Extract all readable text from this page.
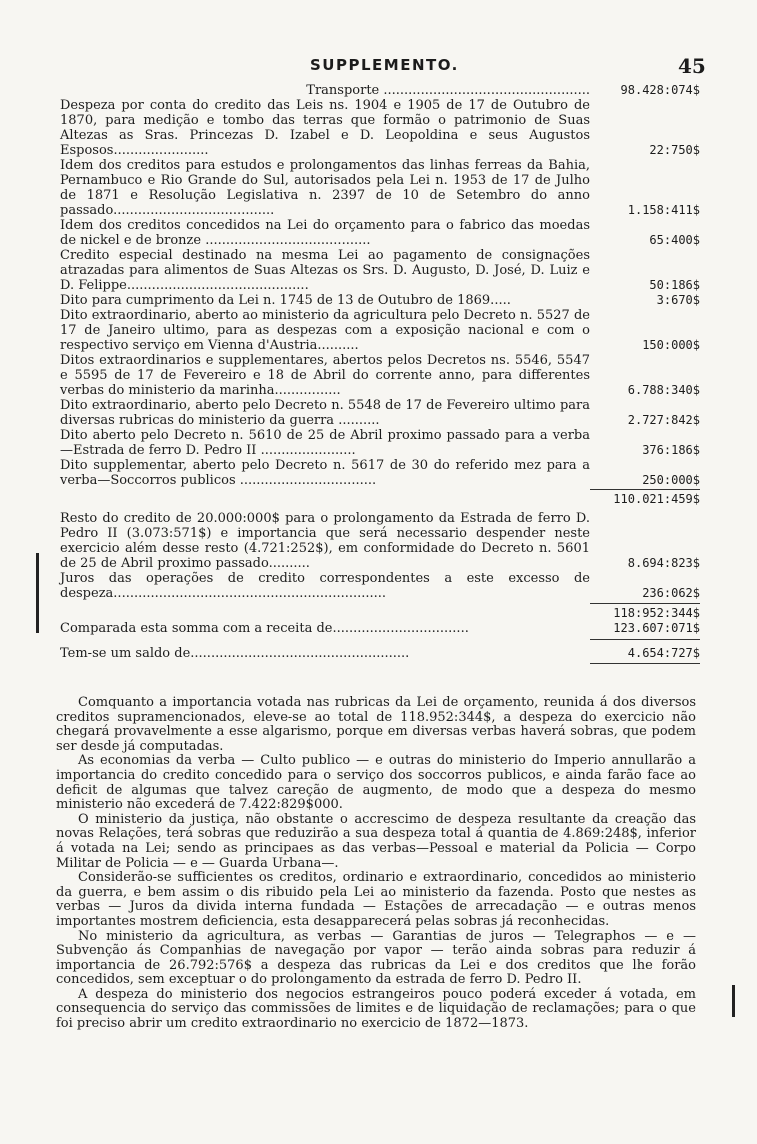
SUPPLEMENTO.	45
Transporte ..................................................	98.428:074$
Despeza por conta do credito das Leis ns. 1904 e 1905 de 17 de Outubro de 1870, para medição e tombo das terras que formão o patrimonio de Suas Altezas as Sras. Princezas D. Izabel e D. Leopoldina e seus Augustos Esposos.......................	22:750$
Idem dos creditos para estudos e prolongamentos das linhas ferreas da Bahia, Pernambuco e Rio Grande do Sul, autorisados pela Lei n. 1953 de 17 de Julho de 1871 e Resolução Legislativa n. 2397 de 10 de Setembro do anno passado.......................................	1.158:411$
Idem dos creditos concedidos na Lei do orçamento para o fabrico das moedas de nickel e de bronze ........................................	65:400$
Credito especial destinado na mesma Lei ao pagamento de consignações atrazadas para alimentos de Suas Altezas os Srs. D. Augusto, D. José, D. Luiz e D. Felippe............................................	50:186$
Dito para cumprimento da Lei n. 1745 de 13 de Outubro de 1869.....	3:670$
Dito extraordinario, aberto ao ministerio da agricultura pelo Decreto n. 5527 de 17 de Janeiro ultimo, para as despezas com a exposição nacional e com o respectivo serviço em Vienna d'Austria..........	150:000$
Ditos extraordinarios e supplementares, abertos pelos Decretos ns. 5546, 5547 e 5595 de 17 de Fevereiro e 18 de Abril do corrente anno, para differentes verbas do ministerio da marinha................	6.788:340$
Dito extraordinario, aberto pelo Decreto n. 5548 de 17 de Fevereiro ultimo para diversas rubricas do ministerio da guerra ..........	2.727:842$
Dito aberto pelo Decreto n. 5610 de 25 de Abril proximo passado para a verba—Estrada de ferro D. Pedro II .......................	376:186$
Dito supplementar, aberto pelo Decreto n. 5617 de 30 do referido mez para a verba—Soccorros publicos .................................	250:000$
110.021:459$
Resto do credito de 20.000:000$ para o prolongamento da Estrada de ferro D. Pedro II (3.073:571$) e importancia que será necessario despender neste exercicio além desse resto (4.721:252$), em conformidade do Decreto n. 5601 de 25 de Abril proximo passado..........	8.694:823$
Juros das operações de credito correspondentes a este excesso de despeza..................................................................	236:062$
118:952:344$
Comparada esta somma com a receita de.................................	123.607:071$
Tem-se um saldo de.....................................................	4.654:727$

Comquanto a importancia votada nas rubricas da Lei de orçamento, reunida á dos diversos creditos supramencionados, eleve-se ao total de 118.952:344$, a despeza do exercicio não chegará provavelmente a esse algarismo, porque em diversas verbas haverá sobras, que podem ser desde já computadas.

As economias da verba — Culto publico — e outras do ministerio do Imperio annullarão a importancia do credito concedido para o serviço dos soccorros publicos, e ainda farão face ao deficit de algumas que talvez careção de augmento, de modo que a despeza do mesmo ministerio não excederá de 7.422:829$000.

O ministerio da justiça, não obstante o accrescimo de despeza resultante da creação das novas Relações, terá sobras que reduzirão a sua despeza total á quantia de 4.869:248$, inferior á votada na Lei; sendo as principaes as das verbas—Pessoal e material da Policia — Corpo Militar de Policia — e — Guarda Urbana—.

Considerão-se sufficientes os creditos, ordinario e extraordinario, concedidos ao ministerio da guerra, e bem assim o dis ribuido pela Lei ao ministerio da fazenda. Posto que nestes as verbas — Juros da divida interna fundada — Estações de arrecadação — e outras menos importantes mostrem deficiencia, esta desapparecerá pelas sobras já reconhecidas.

No ministerio da agricultura, as verbas — Garantias de juros — Telegraphos — e —Subvenção ás Companhias de navegação por vapor — terão ainda sobras para reduzir á importancia de 26.792:576$ a despeza das rubricas da Lei e dos creditos que lhe forão concedidos, sem exceptuar o do prolongamento da estrada de ferro D. Pedro II.

A despeza do ministerio dos negocios estrangeiros pouco poderá exceder á votada, em consequencia do serviço das commissões de limites e de liquidação de reclamações; para o que foi preciso abrir um credito extraordinario no exercicio de 1872—1873.
